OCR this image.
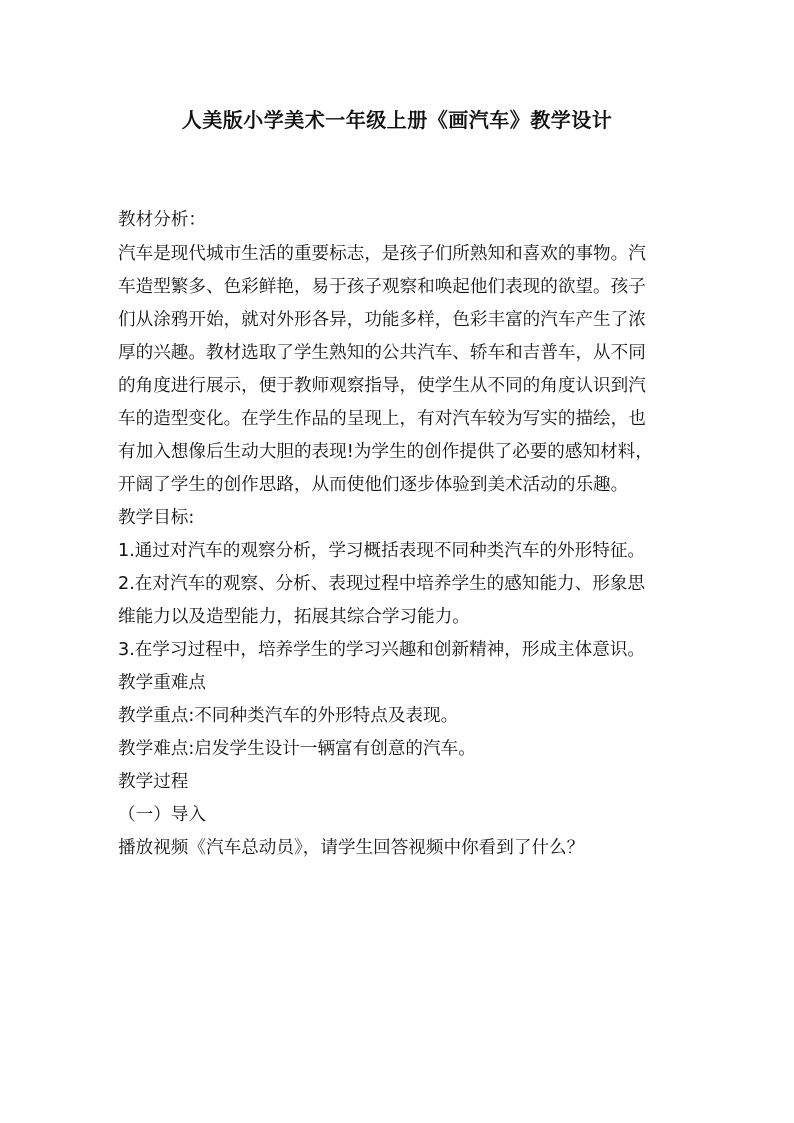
人美版小学美术一年级上册《画汽车》教学设计
教材分析：
汽车是现代城市生活的重要标志，是孩子们所熟知和喜欢的事物。汽
车造型繁多、色彩鲜艳，易于孩子观察和唤起他们表现的欲望。孩子
们从涂鸦开始，就对外形各异，功能多样，色彩丰富的汽车产生了浓
厚的兴趣。教材选取了学生熟知的公共汽车、轿车和吉普车，从不同
的角度进行展示，便于教师观察指导，使学生从不同的角度认识到汽
车的造型变化。在学生作品的呈现上，有对汽车较为写实的描绘，也
有加入想像后生动大胆的表现!为学生的创作提供了必要的感知材料，
开阔了学生的创作思路，从而使他们逐步体验到美术活动的乐趣。
教学目标:
1.通过对汽车的观察分析，学习概括表现不同种类汽车的外形特征。
2.在对汽车的观察、分析、表现过程中培养学生的感知能力、形象思
维能力以及造型能力，拓展其综合学习能力。
3.在学习过程中，培养学生的学习兴趣和创新精神，形成主体意识。
教学重难点
教学重点:不同种类汽车的外形特点及表现。
教学难点:启发学生设计一辆富有创意的汽车。
教学过程
（一）导入
播放视频《汽车总动员》，请学生回答视频中你看到了什么？
